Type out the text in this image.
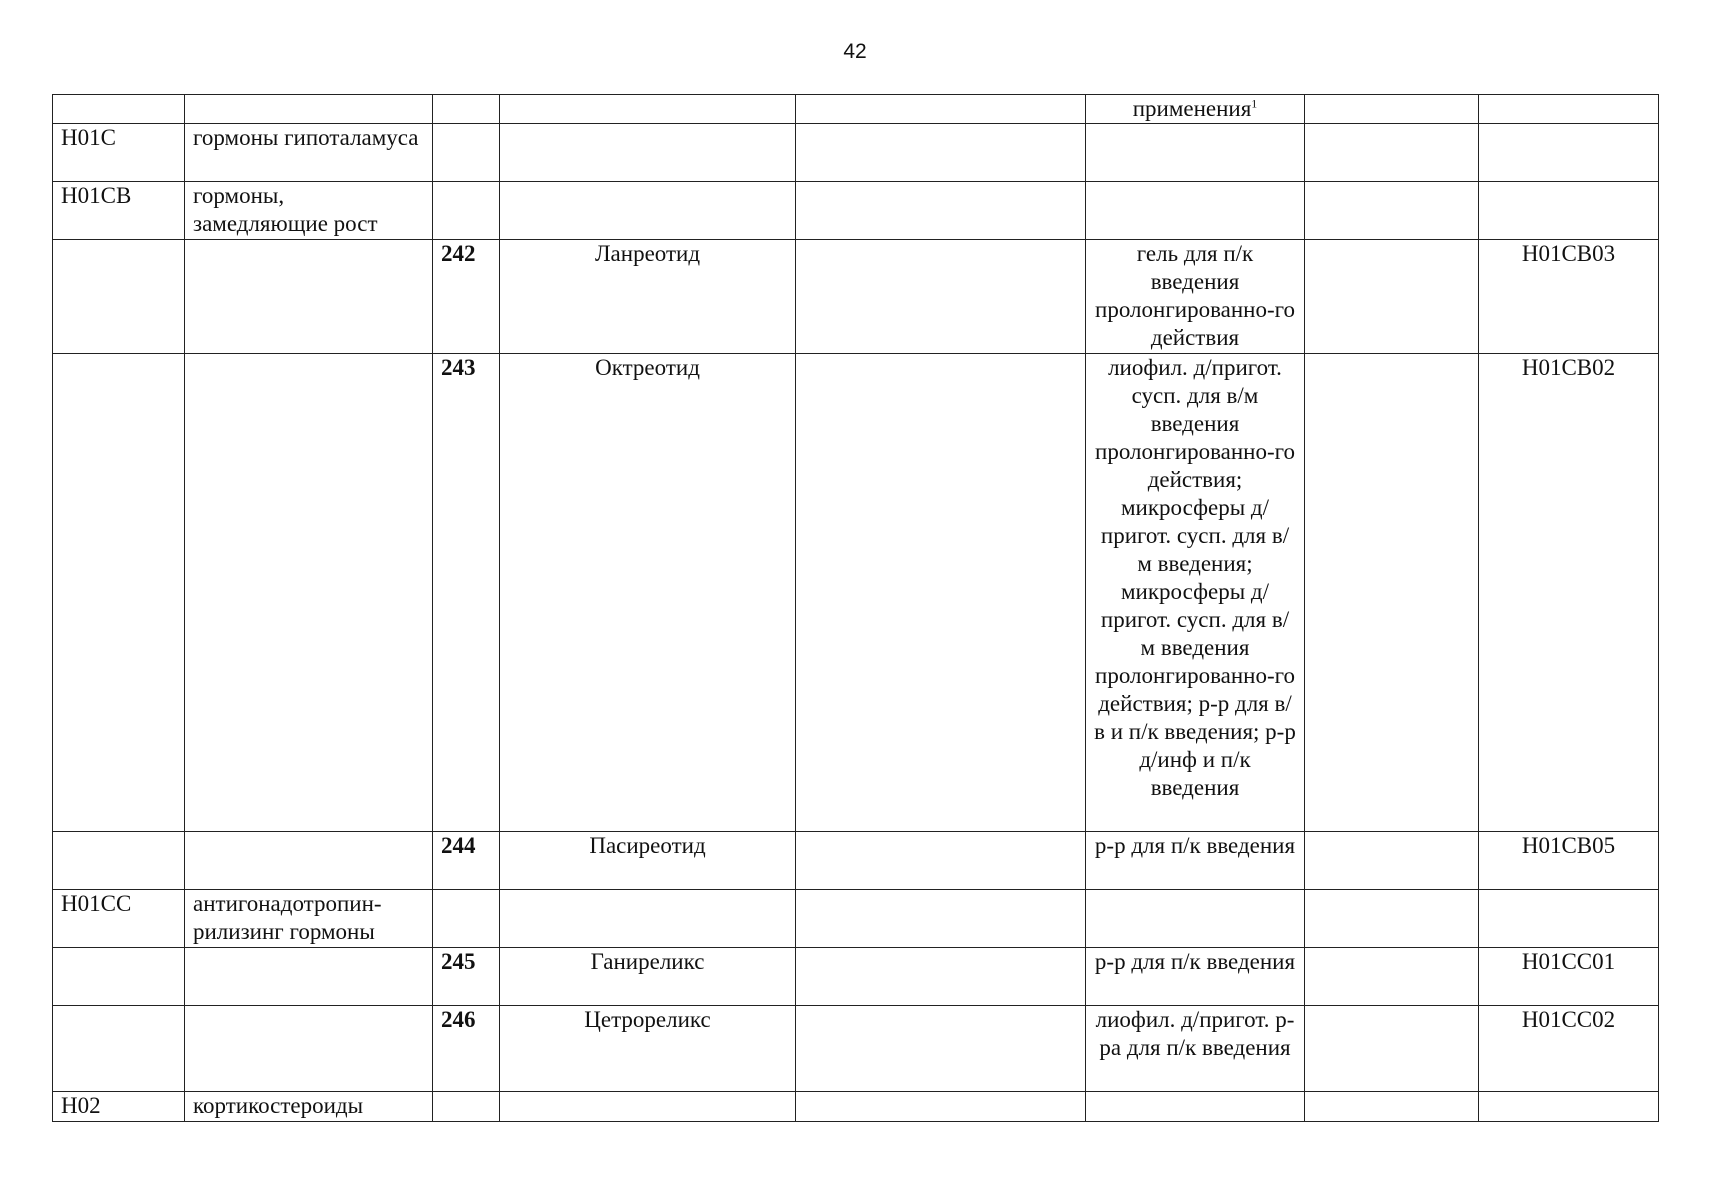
42
					применения$^1$		
H01C	гормоны гипоталамуса						
H01CB	гормоны, замедляющие рост						
		242	Ланреотид		гель для п/к введения пролонгированно-го действия		H01CB03
		243	Октреотид		лиофил. д/пригот. сусп. для в/м введения пролонгированно-го действия; микросферы д/пригот. сусп. для в/м введения; микросферы д/пригот. сусп. для в/м введения пролонгированно-го действия; р-р для в/в и п/к введения; р-р д/инф и п/к введения		H01CB02
		244	Пасиреотид		р-р для п/к введения		H01CB05
H01CC	антигонадотропин-рилизинг гормоны						
		245	Ганиреликс		р-р для п/к введения		H01CC01
		246	Цетрореликс		лиофил. д/пригот. р-ра для п/к введения		H01CC02
H02	кортикостероиды						
